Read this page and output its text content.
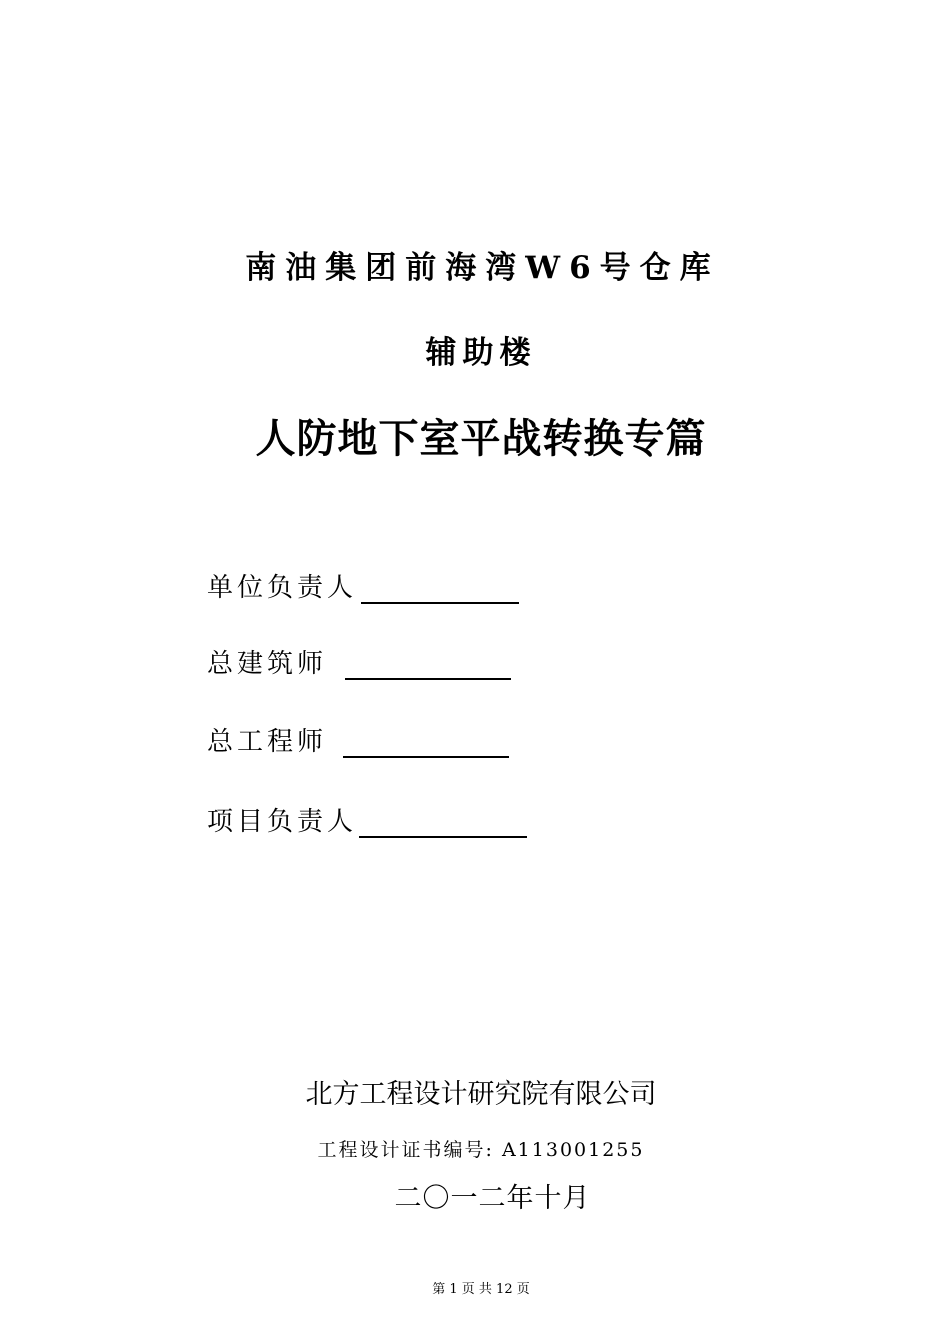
南油集团前海湾W6号仓库
辅助楼
人防地下室平战转换专篇
单位负责人
总建筑师
总工程师
项目负责人
北方工程设计研究院有限公司
工程设计证书编号: A113001255
二〇一二年十月
第 1 页 共 12 页
